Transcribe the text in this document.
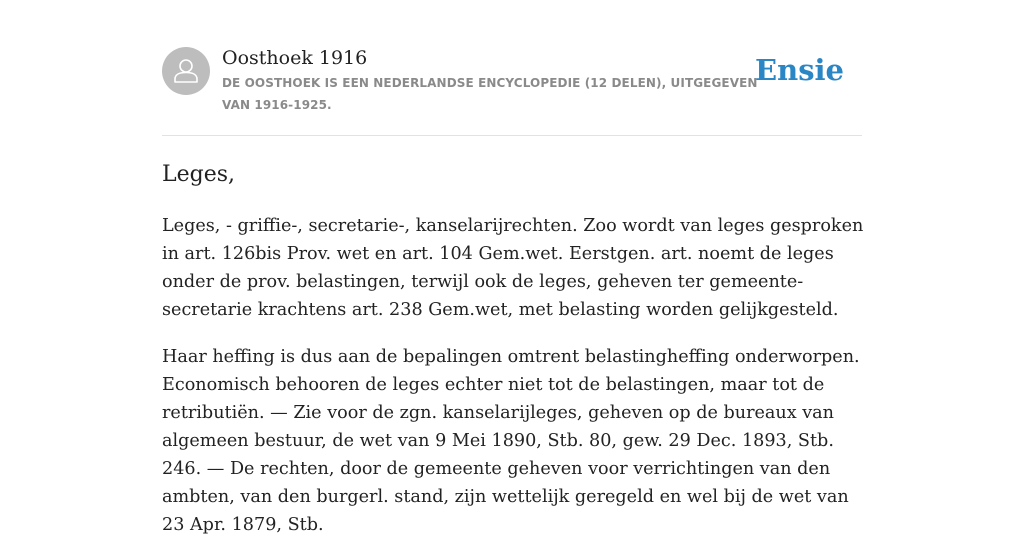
Oosthoek 1916
DE OOSTHOEK IS EEN NEDERLANDSE ENCYCLOPEDIE (12 DELEN), UITGEGEVEN VAN 1916-1925.
Ensie
Leges,

Leges, - griffie-, secretarie-, kanselarijrechten. Zoo wordt van leges gesproken in art. 126bis Prov. wet en art. 104 Gem.wet. Eerstgen. art. noemt de leges onder de prov. belastingen, terwijl ook de leges, geheven ter gemeente-secretarie krachtens art. 238 Gem.wet, met belasting worden gelijkgesteld.

Haar heffing is dus aan de bepalingen omtrent belastingheffing onderworpen. Economisch behooren de leges echter niet tot de belastingen, maar tot de retributiën. — Zie voor de zgn. kanselarijleges, geheven op de bureaux van algemeen bestuur, de wet van 9 Mei 1890, Stb. 80, gew. 29 Dec. 1893, Stb. 246. — De rechten, door de gemeente geheven voor verrichtingen van den ambten, van den burgerl. stand, zijn wettelijk geregeld en wel bij de wet van 23 Apr. 1879, Stb.
